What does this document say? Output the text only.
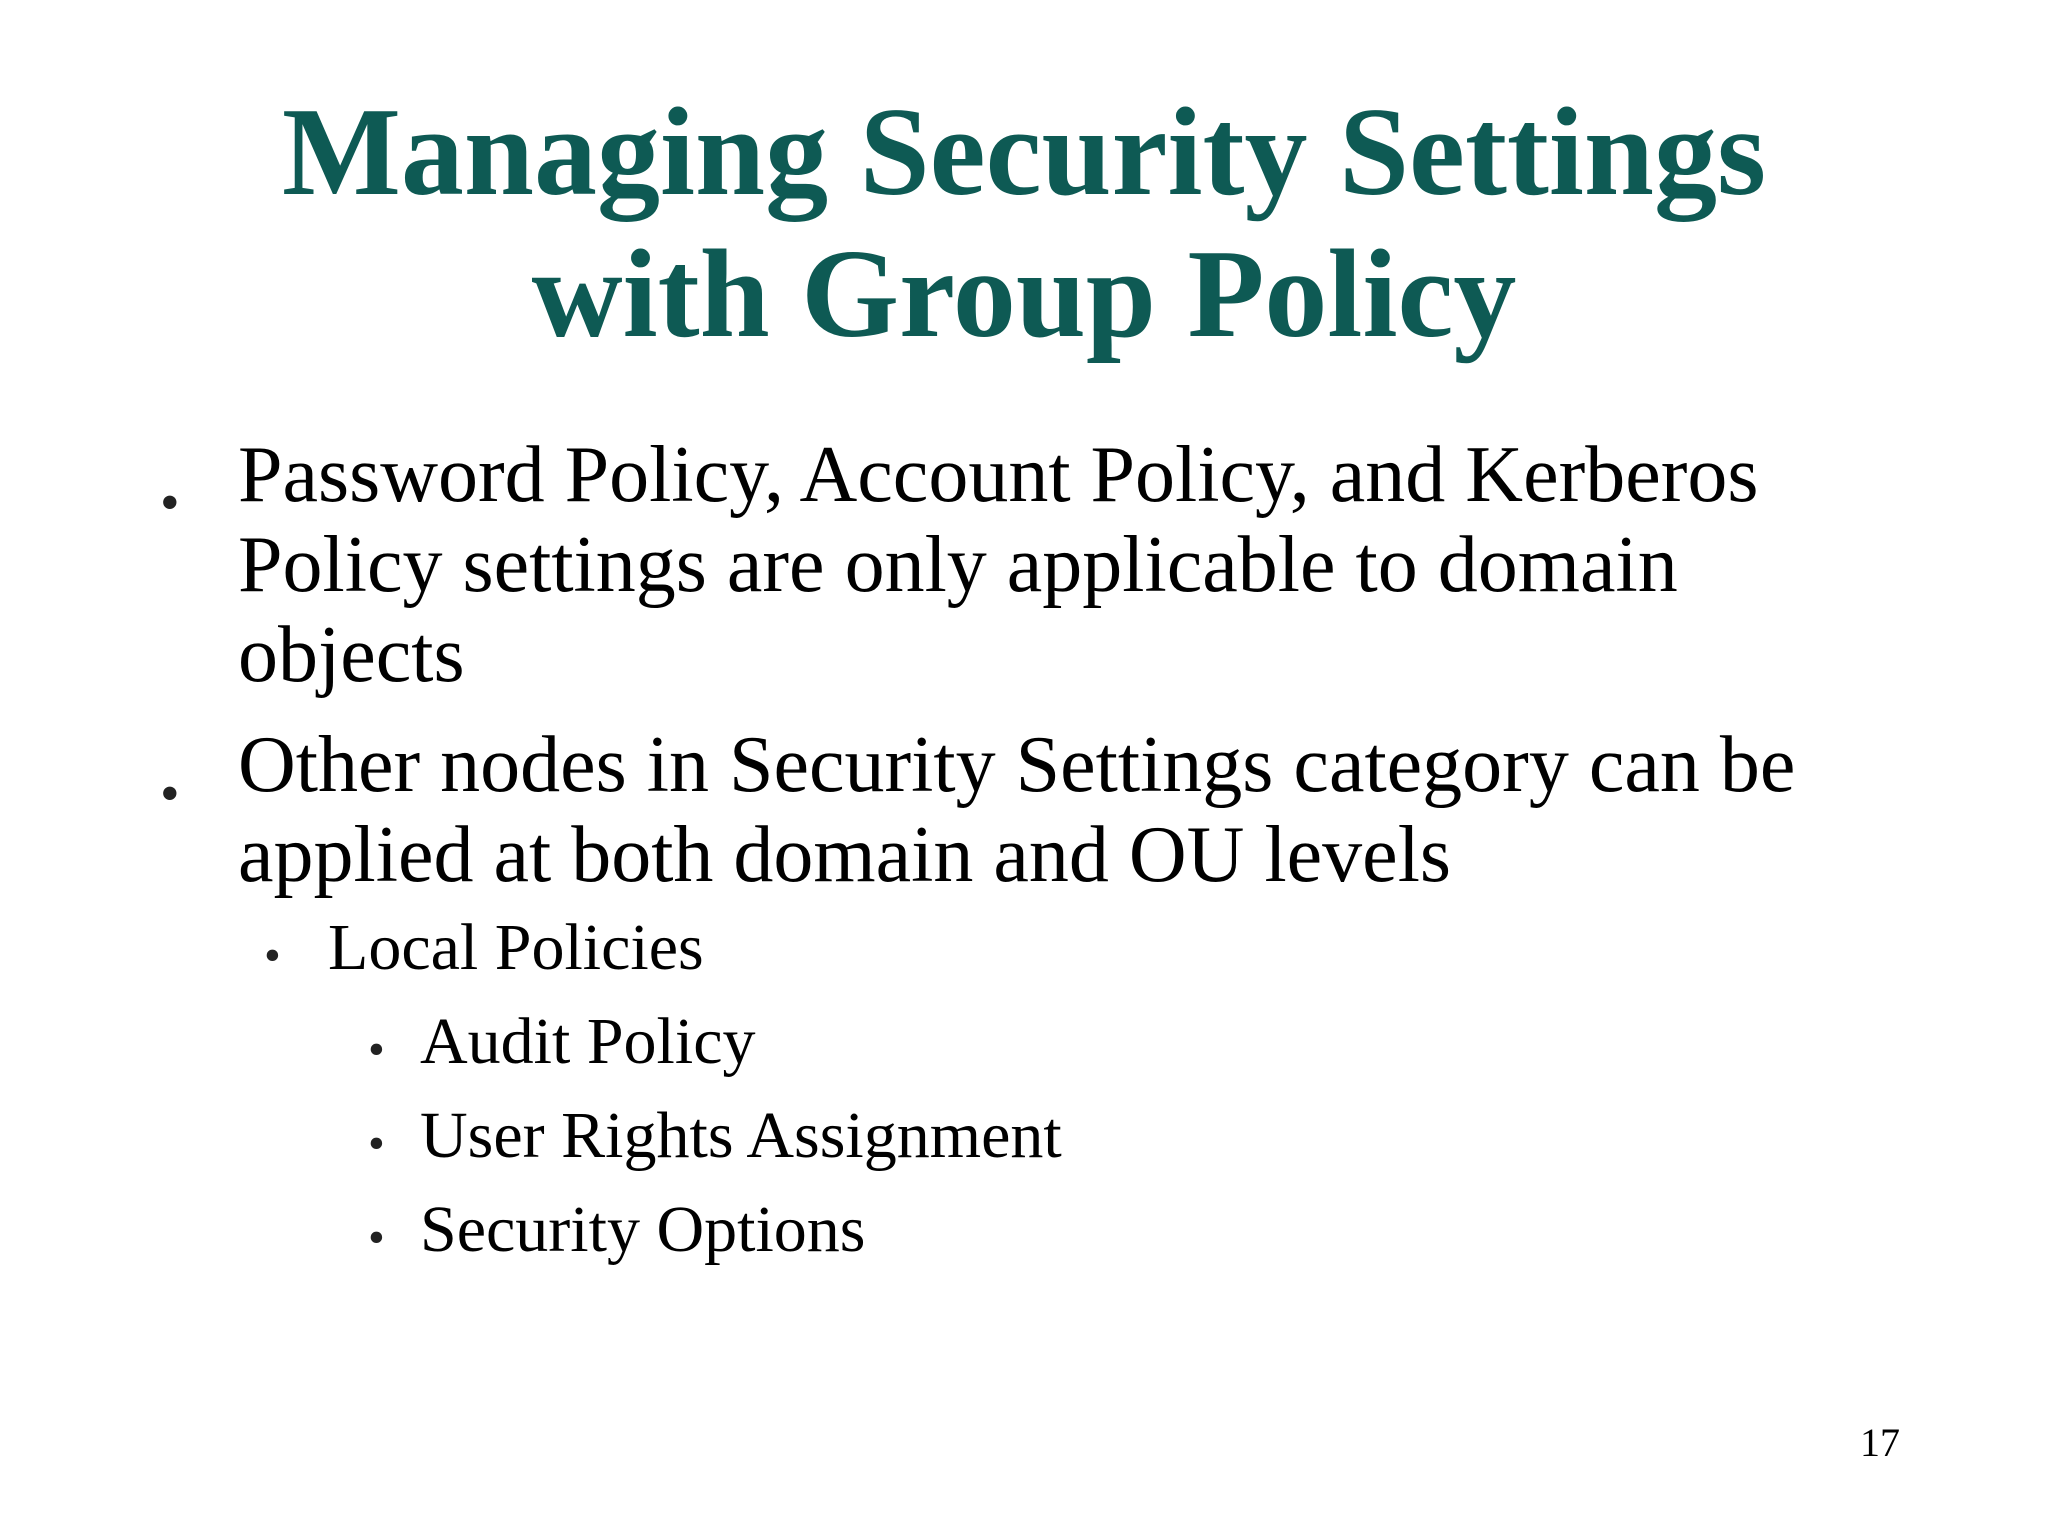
Managing Security Settings
with Group Policy
• Password Policy, Account Policy, and Kerberos
Policy settings are only applicable to domain
objects
• Other nodes in Security Settings category can be
applied at both domain and OU levels
• Local Policies
• Audit Policy
• User Rights Assignment
• Security Options
17
